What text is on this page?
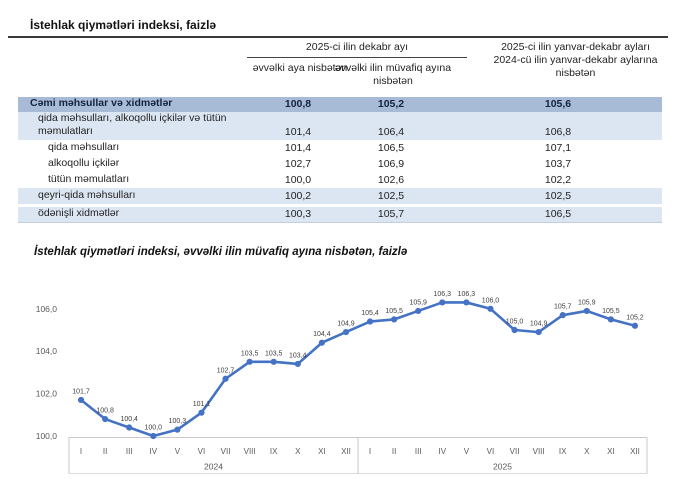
İstehlak qiymətləri indeksi, faizlə
2025-ci ilin dekabr ayı
əvvəlki aya nisbətən
əvvəlki ilin müvafiq ayına nisbətən
2025-ci ilin yanvar-dekabr ayları
2024-cü ilin yanvar-dekabr aylarına nisbətən
Cəmi məhsullar və xidmətlər	100,8	105,2	105,6
qida məhsulları, alkoqollu içkilər və tütün məmulatları	101,4	106,4	106,8
qida məhsulları	101,4	106,5	107,1
alkoqollu içkilər	102,7	106,9	103,7
tütün məmulatları	100,0	102,6	102,2
qeyri-qida məhsulları	100,2	102,5	102,5
ödənişli xidmətlər	100,3	105,7	106,5
İstehlak qiymətləri indeksi, əvvəlki ilin müvafiq ayına nisbətən, faizlə
100,0
102,0
104,0
106,0
I	II III IV V VI VII VIII IX X XI XII I	II III IV V VI VII VIII IX X XI XII
2024	2025
101,7
100,8
100,4
100,0
100,3
101,1
102,7
103,5 103,5 103,4
104,4
104,9
105,4 105,5
105,9
106,3 106,3
106,0
105,0 104,9
105,7
105,9
105,5
105,2
